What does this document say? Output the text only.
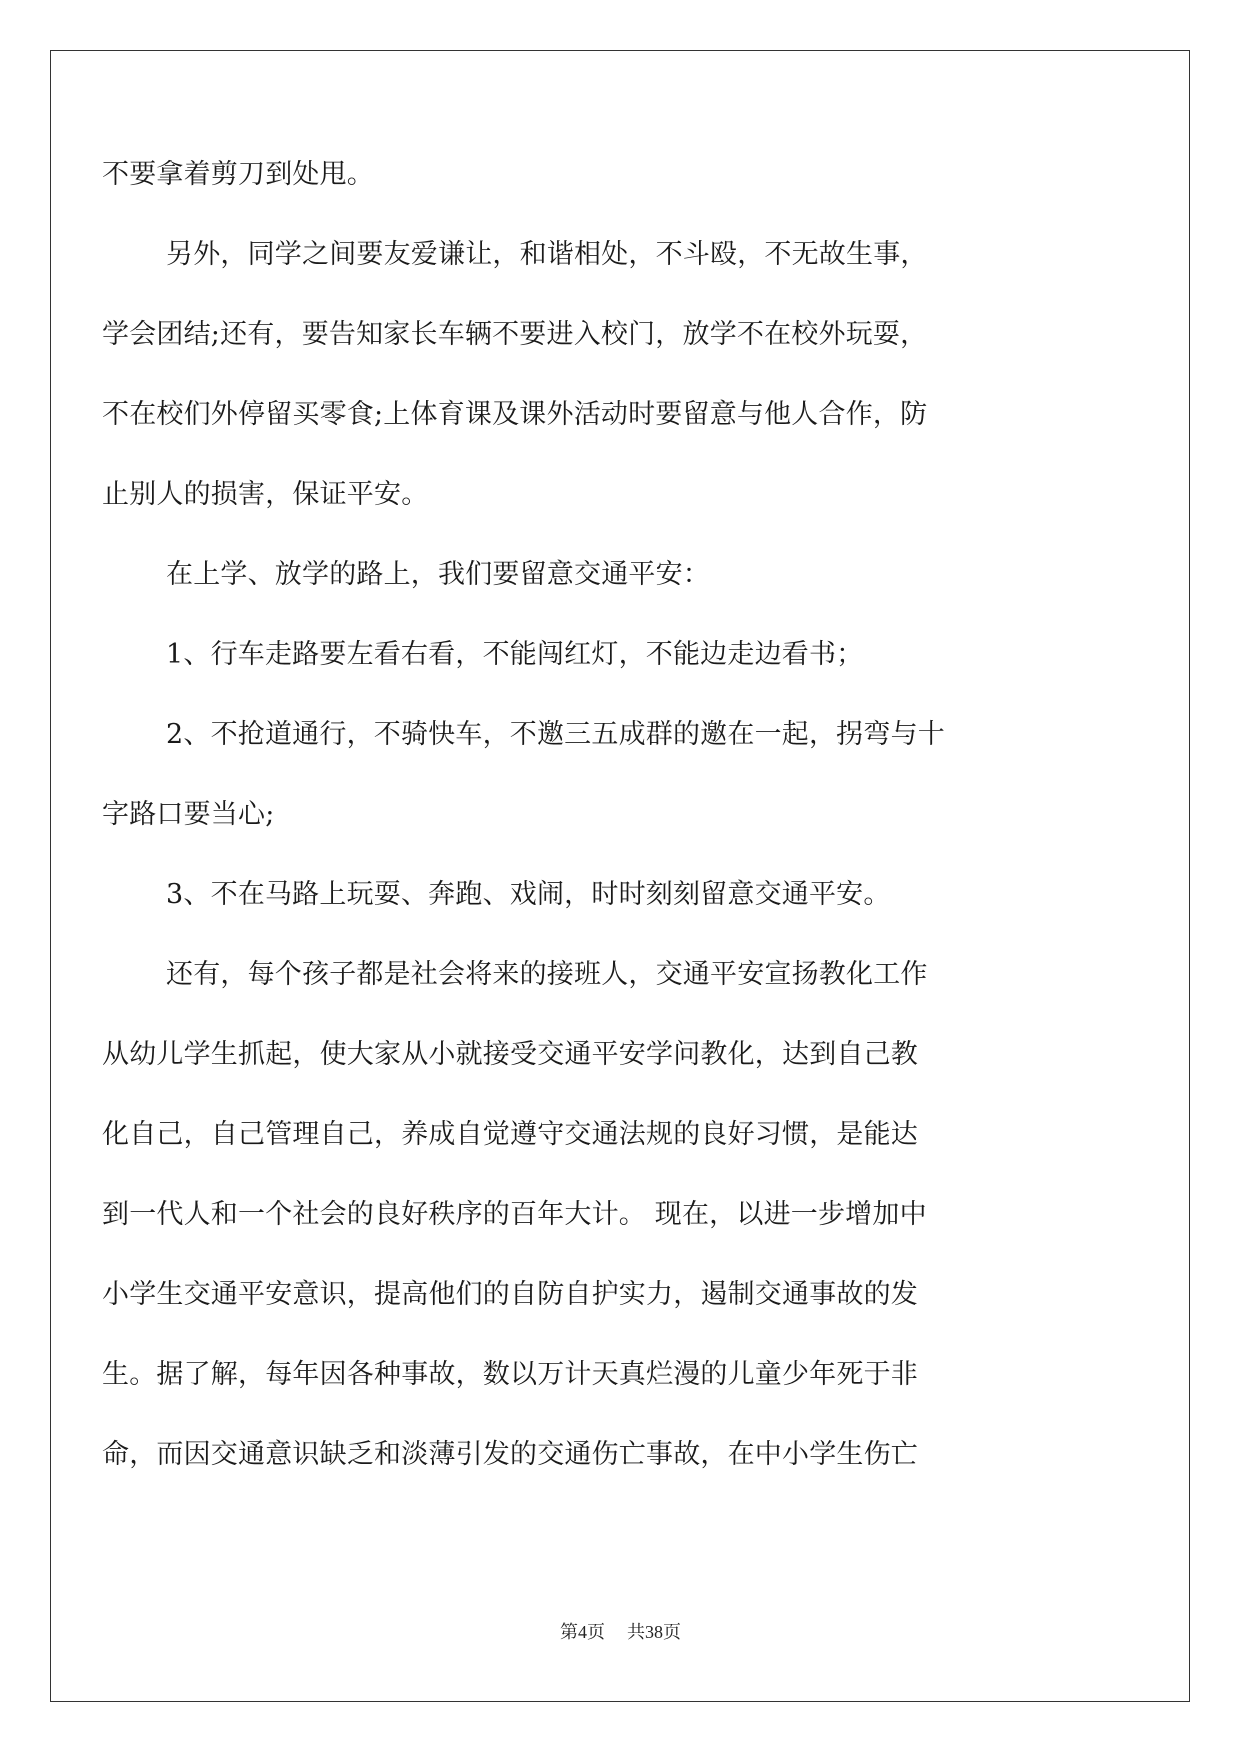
不要拿着剪刀到处甩。
另外，同学之间要友爱谦让，和谐相处，不斗殴，不无故生事，
学会团结;还有，要告知家长车辆不要进入校门，放学不在校外玩耍，
不在校们外停留买零食;上体育课及课外活动时要留意与他人合作，防
止别人的损害，保证平安。
在上学、放学的路上，我们要留意交通平安：
1、行车走路要左看右看，不能闯红灯，不能边走边看书；
2、不抢道通行，不骑快车，不邀三五成群的邀在一起，拐弯与十
字路口要当心;
3、不在马路上玩耍、奔跑、戏闹，时时刻刻留意交通平安。
还有，每个孩子都是社会将来的接班人，交通平安宣扬教化工作
从幼儿学生抓起，使大家从小就接受交通平安学问教化，达到自己教
化自己，自己管理自己，养成自觉遵守交通法规的良好习惯，是能达
到一代人和一个社会的良好秩序的百年大计。 现在，以进一步增加中
小学生交通平安意识，提高他们的自防自护实力，遏制交通事故的发
生。据了解，每年因各种事故，数以万计天真烂漫的儿童少年死于非
命，而因交通意识缺乏和淡薄引发的交通伤亡事故，在中小学生伤亡
第4页 共38页
